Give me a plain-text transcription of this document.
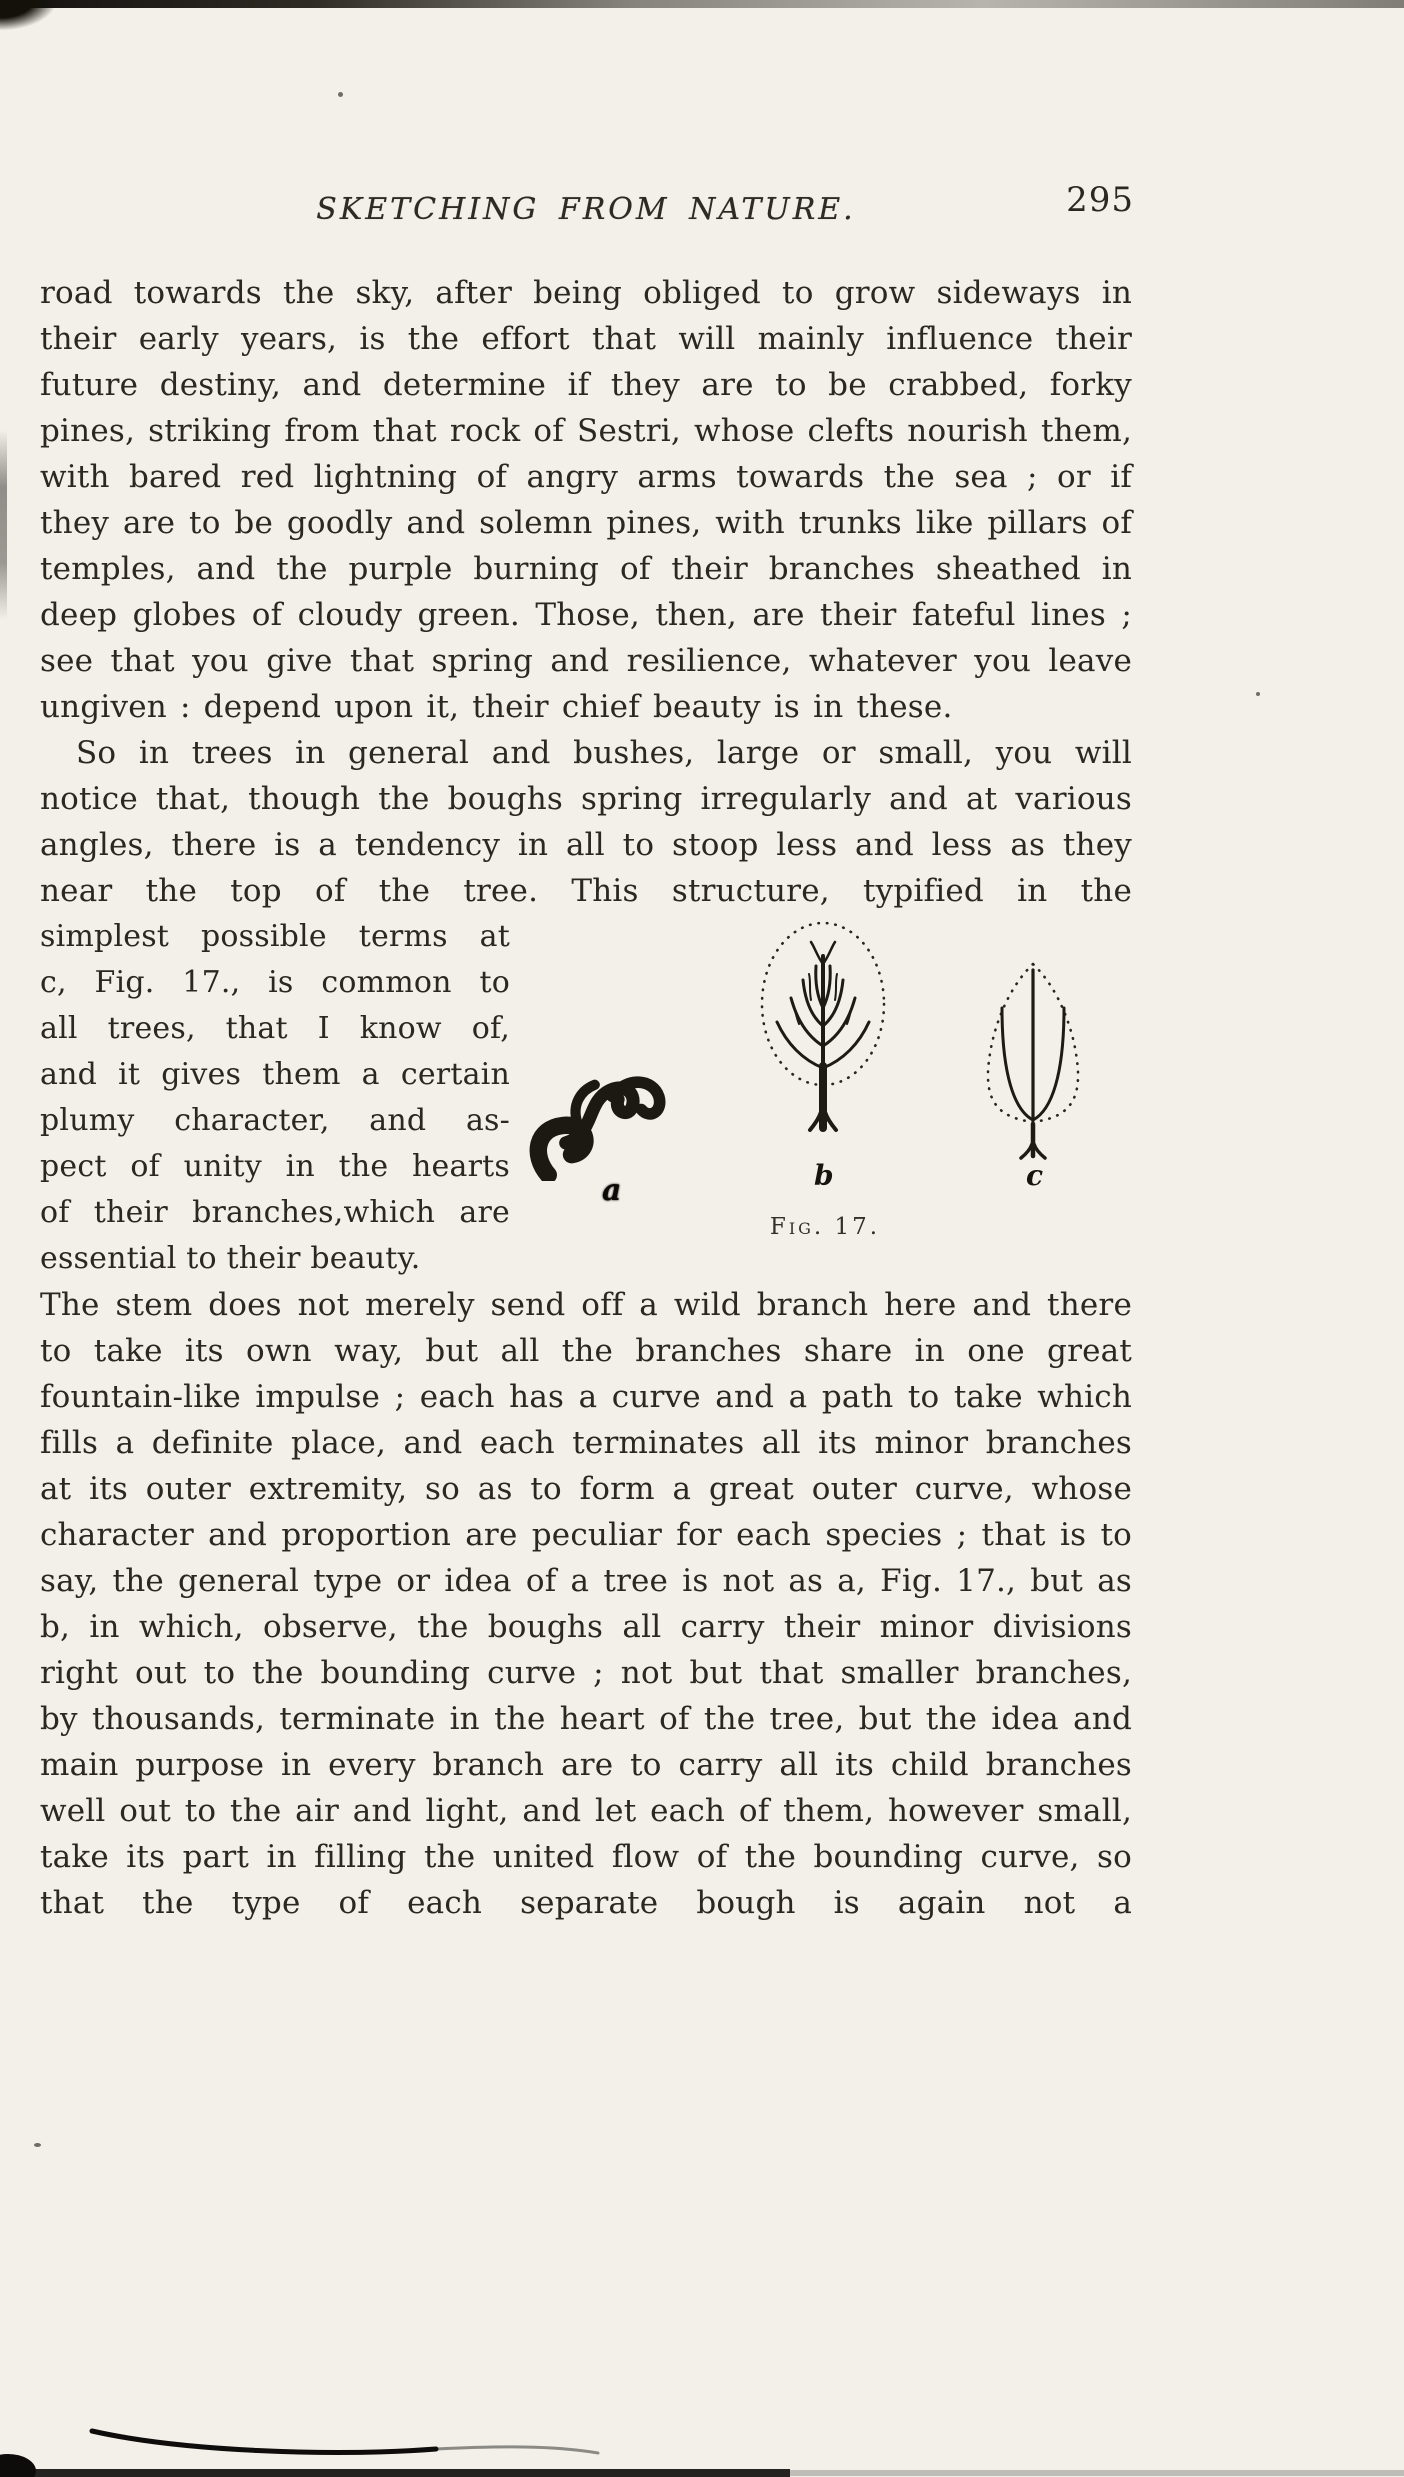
SKETCHING FROM NATURE.	295

road towards the sky, after being obliged to grow sideways in their early years, is the effort that will mainly influence their future destiny, and determine if they are to be crabbed, forky pines, striking from that rock of Sestri, whose clefts nourish them, with bared red lightning of angry arms towards the sea ; or if they are to be goodly and solemn pines, with trunks like pillars of temples, and the purple burning of their branches sheathed in deep globes of cloudy green. Those, then, are their fateful lines ; see that you give that spring and resilience, whatever you leave ungiven : depend upon it, their chief beauty is in these.

So in trees in general and bushes, large or small, you will notice that, though the boughs spring irregularly and at various angles, there is a tendency in all to stoop less and less as they near the top of the tree. This structure, typified in the

simplest possible terms at
c, Fig. 17., is common to
all trees, that I know of,
and it gives them a certain
plumy character, and as-
pect of unity in the hearts
of their branches,which are
essential to their beauty.
a	b	c
Fig. 17.

The stem does not merely send off a wild branch here and there to take its own way, but all the branches share in one great fountain-like impulse ; each has a curve and a path to take which fills a definite place, and each terminates all its minor branches at its outer extremity, so as to form a great outer curve, whose character and proportion are peculiar for each species ; that is to say, the general type or idea of a tree is not as a, Fig. 17., but as b, in which, observe, the boughs all carry their minor divisions right out to the bounding curve ; not but that smaller branches, by thousands, terminate in the heart of the tree, but the idea and main purpose in every branch are to carry all its child branches well out to the air and light, and let each of them, however small, take its part in filling the united flow of the bounding curve, so that the type of each separate bough is again not a
